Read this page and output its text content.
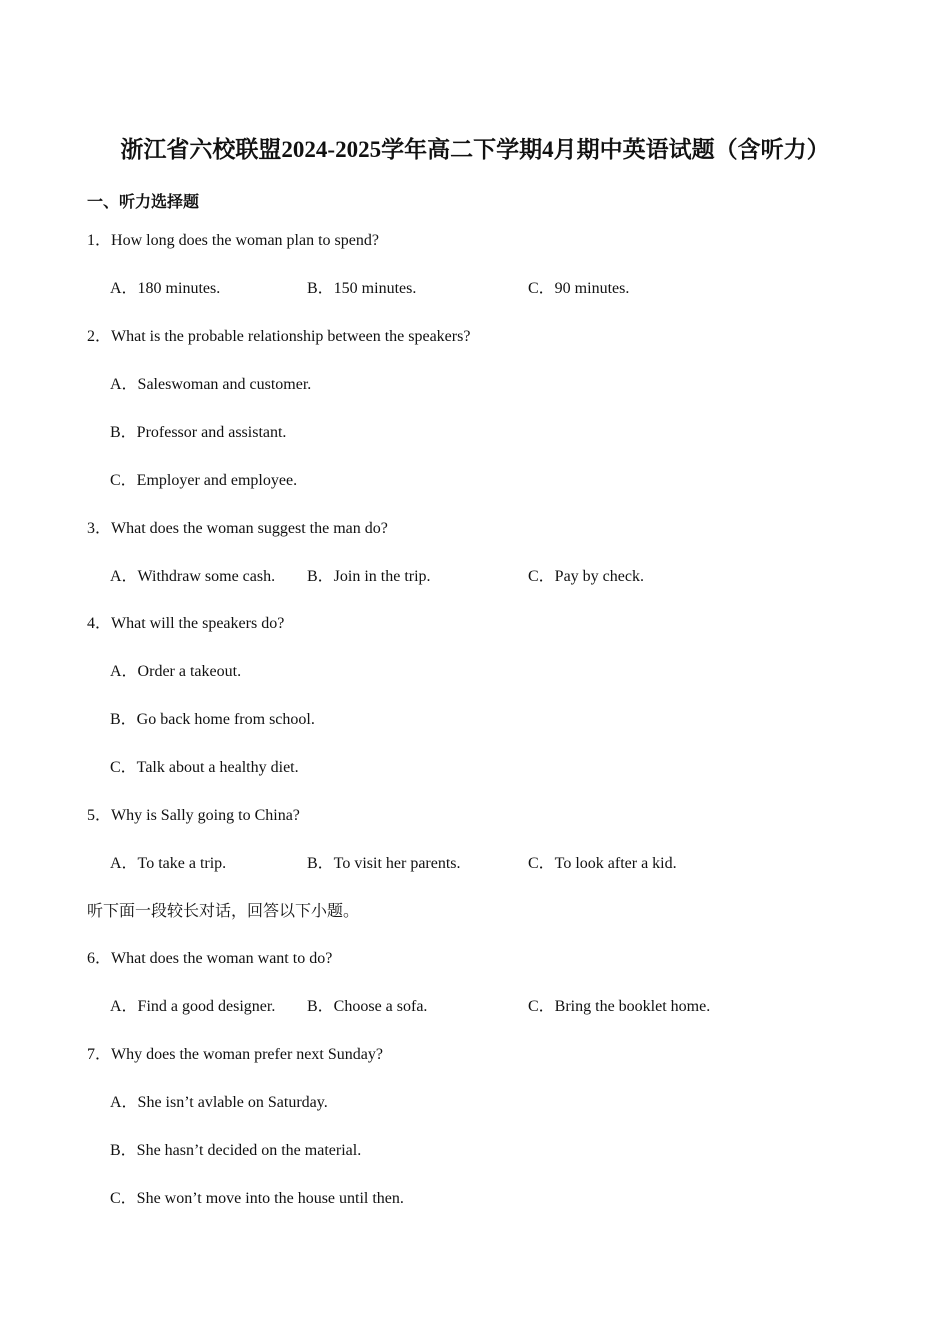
浙江省六校联盟2024-2025学年高二下学期4月期中英语试题（含听力）
一、听力选择题
1．How long does the woman plan to spend?
A．180 minutes.	B．150 minutes.	C．90 minutes.
2．What is the probable relationship between the speakers?
A．Saleswoman and customer.
B．Professor and assistant.
C．Employer and employee.
3．What does the woman suggest the man do?
A．Withdraw some cash. B．Join in the trip.	C．Pay by check.
4．What will the speakers do?
A．Order a takeout.
B．Go back home from school.
C．Talk about a healthy diet.
5．Why is Sally going to China?
A．To take a trip.	B．To visit her parents.	C．To look after a kid.
听下面一段较长对话，回答以下小题。
6．What does the woman want to do?
A．Find a good designer. B．Choose a sofa.	C．Bring the booklet home.
7．Why does the woman prefer next Sunday?
A．She isn’t avlable on Saturday.
B．She hasn’t decided on the material.
C．She won’t move into the house until then.
